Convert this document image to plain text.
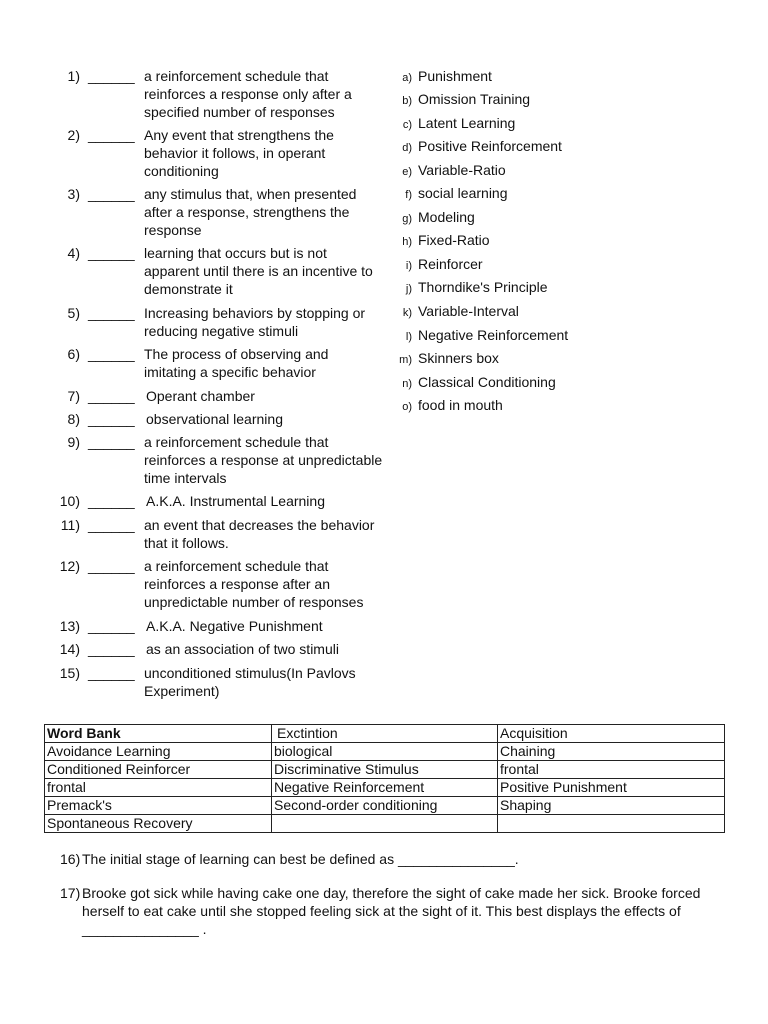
1) ______ a reinforcement schedule that reinforces a response only after a specified number of responses
2) ______ Any event that strengthens the behavior it follows, in operant conditioning
3) ______ any stimulus that, when presented after a response, strengthens the response
4) ______ learning that occurs but is not apparent until there is an incentive to demonstrate it
5) ______ Increasing behaviors by stopping or reducing negative stimuli
6) ______ The process of observing and imitating a specific behavior
7) ______ Operant chamber
8) ______ observational learning
9) ______ a reinforcement schedule that reinforces a response at unpredictable time intervals
10) ______ A.K.A. Instrumental Learning
11) ______ an event that decreases the behavior that it follows.
12) ______ a reinforcement schedule that reinforces a response after an unpredictable number of responses
13) ______ A.K.A. Negative Punishment
14) ______ as an association of two stimuli
15) ______ unconditioned stimulus(In Pavlovs Experiment)
a) Punishment
b) Omission Training
c) Latent Learning
d) Positive Reinforcement
e) Variable-Ratio
f) social learning
g) Modeling
h) Fixed-Ratio
i) Reinforcer
j) Thorndike's Principle
k) Variable-Interval
l) Negative Reinforcement
m) Skinners box
n) Classical Conditioning
o) food in mouth
Word Bank	Exctintion	Acquisition
Avoidance Learning	biological	Chaining
Conditioned Reinforcer	Discriminative Stimulus	frontal
frontal	Negative Reinforcement	Positive Punishment
Premack's	Second-order conditioning	Shaping
Spontaneous Recovery		
16) The initial stage of learning can best be defined as _______________.
17) Brooke got sick while having cake one day, therefore the sight of cake made her sick. Brooke forced herself to eat cake until she stopped feeling sick at the sight of it. This best displays the effects of _______________ .
